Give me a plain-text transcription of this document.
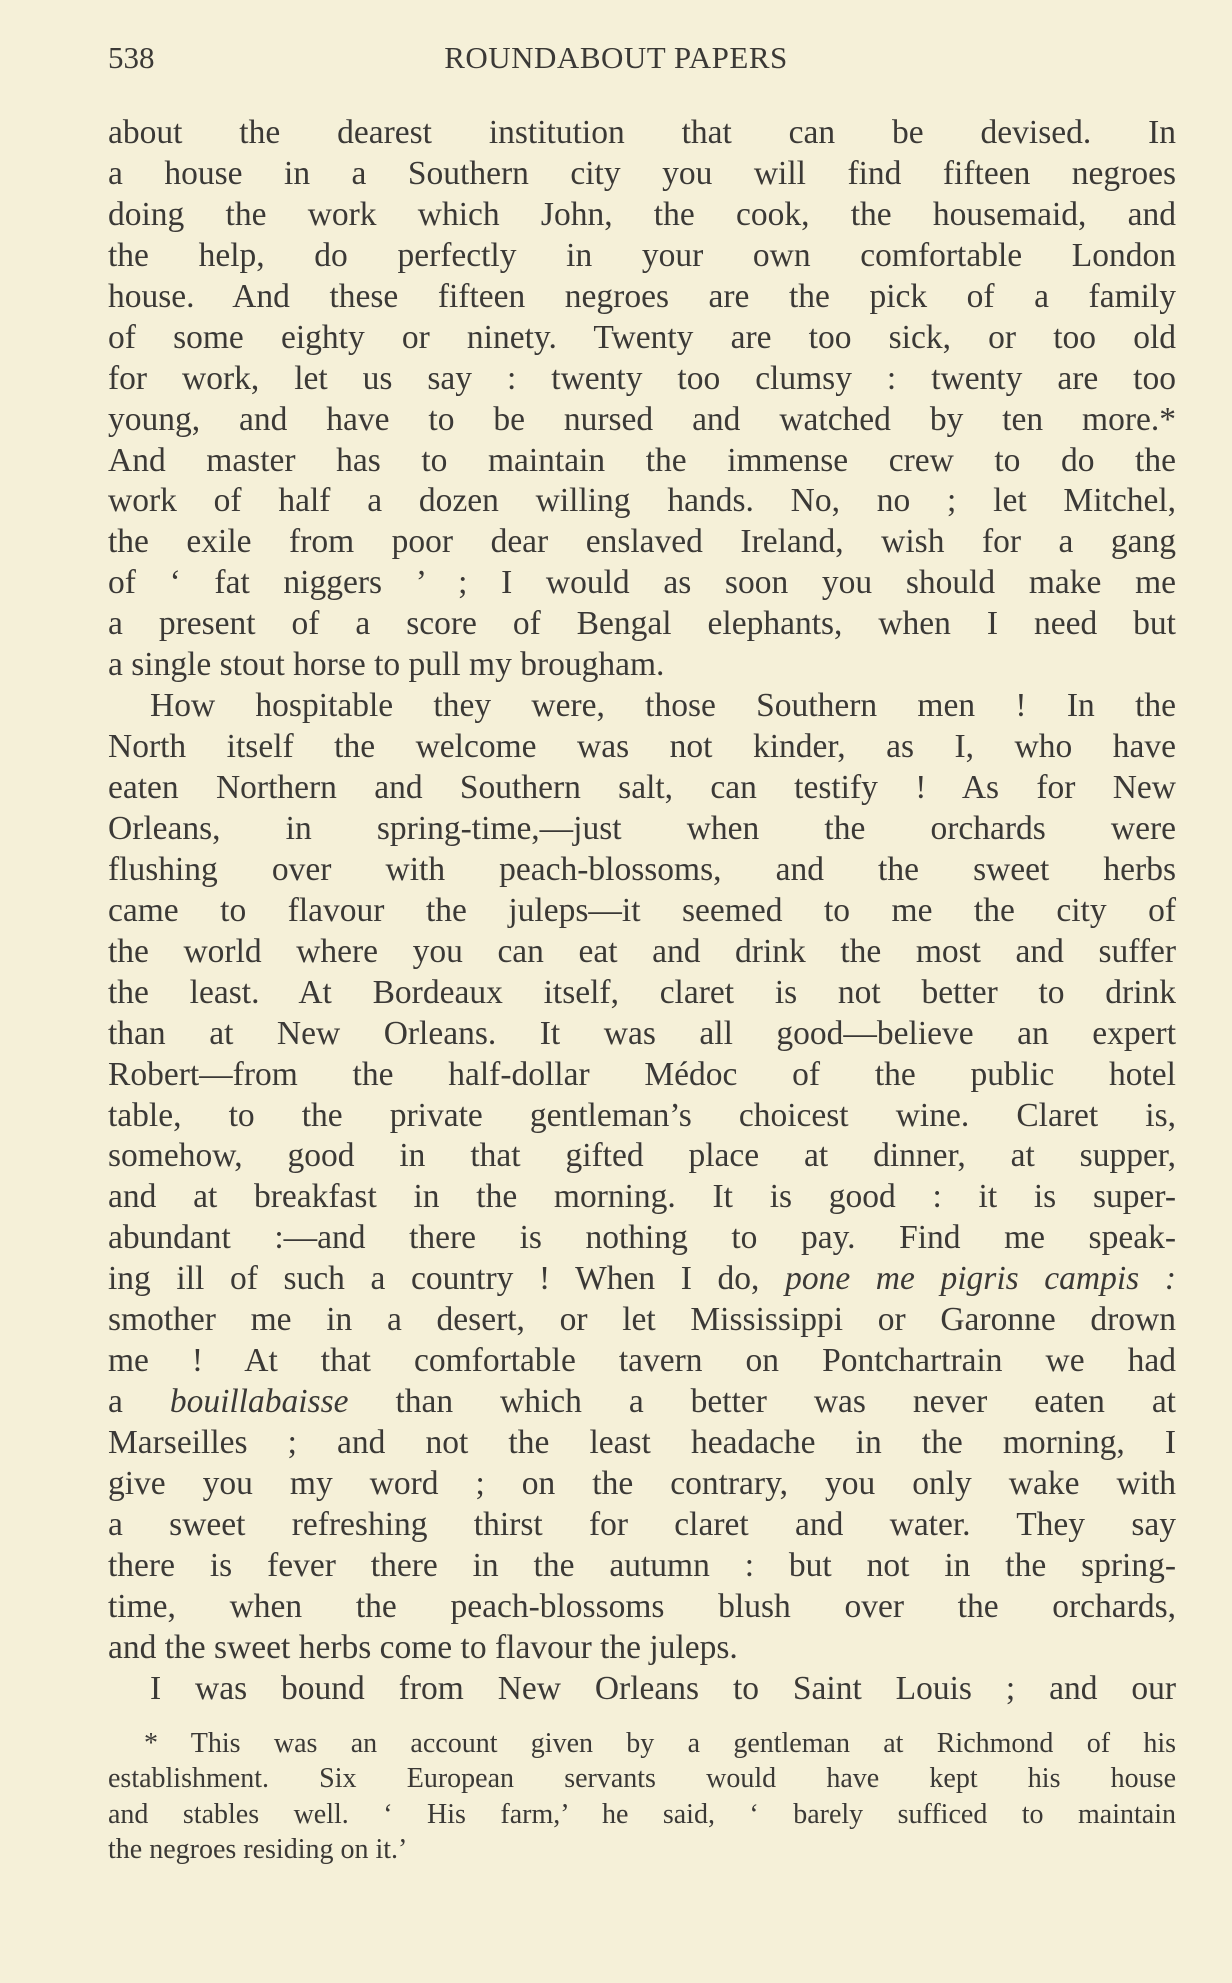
538	ROUNDABOUT PAPERS
about the dearest institution that can be devised. In
a house in a Southern city you will find fifteen negroes
doing the work which John, the cook, the housemaid, and
the help, do perfectly in your own comfortable London
house. And these fifteen negroes are the pick of a family
of some eighty or ninety. Twenty are too sick, or too old
for work, let us say : twenty too clumsy : twenty are too
young, and have to be nursed and watched by ten more.*
And master has to maintain the immense crew to do the
work of half a dozen willing hands. No, no ; let Mitchel,
the exile from poor dear enslaved Ireland, wish for a gang
of ‘ fat niggers ’ ; I would as soon you should make me
a present of a score of Bengal elephants, when I need but
a single stout horse to pull my brougham.
How hospitable they were, those Southern men ! In the
North itself the welcome was not kinder, as I, who have
eaten Northern and Southern salt, can testify ! As for New
Orleans, in spring-time,—just when the orchards were
flushing over with peach-blossoms, and the sweet herbs
came to flavour the juleps—it seemed to me the city of
the world where you can eat and drink the most and suffer
the least. At Bordeaux itself, claret is not better to drink
than at New Orleans. It was all good—believe an expert
Robert—from the half-dollar Médoc of the public hotel
table, to the private gentleman’s choicest wine. Claret is,
somehow, good in that gifted place at dinner, at supper,
and at breakfast in the morning. It is good : it is super-
abundant :—and there is nothing to pay. Find me speak-
ing ill of such a country ! When I do, pone me pigris campis :
smother me in a desert, or let Mississippi or Garonne drown
me ! At that comfortable tavern on Pontchartrain we had
a bouillabaisse than which a better was never eaten at
Marseilles ; and not the least headache in the morning, I
give you my word ; on the contrary, you only wake with
a sweet refreshing thirst for claret and water. They say
there is fever there in the autumn : but not in the spring-
time, when the peach-blossoms blush over the orchards,
and the sweet herbs come to flavour the juleps.
I was bound from New Orleans to Saint Louis ; and our
* This was an account given by a gentleman at Richmond of his
establishment. Six European servants would have kept his house
and stables well. ‘ His farm,’ he said, ‘ barely sufficed to maintain
the negroes residing on it.’
